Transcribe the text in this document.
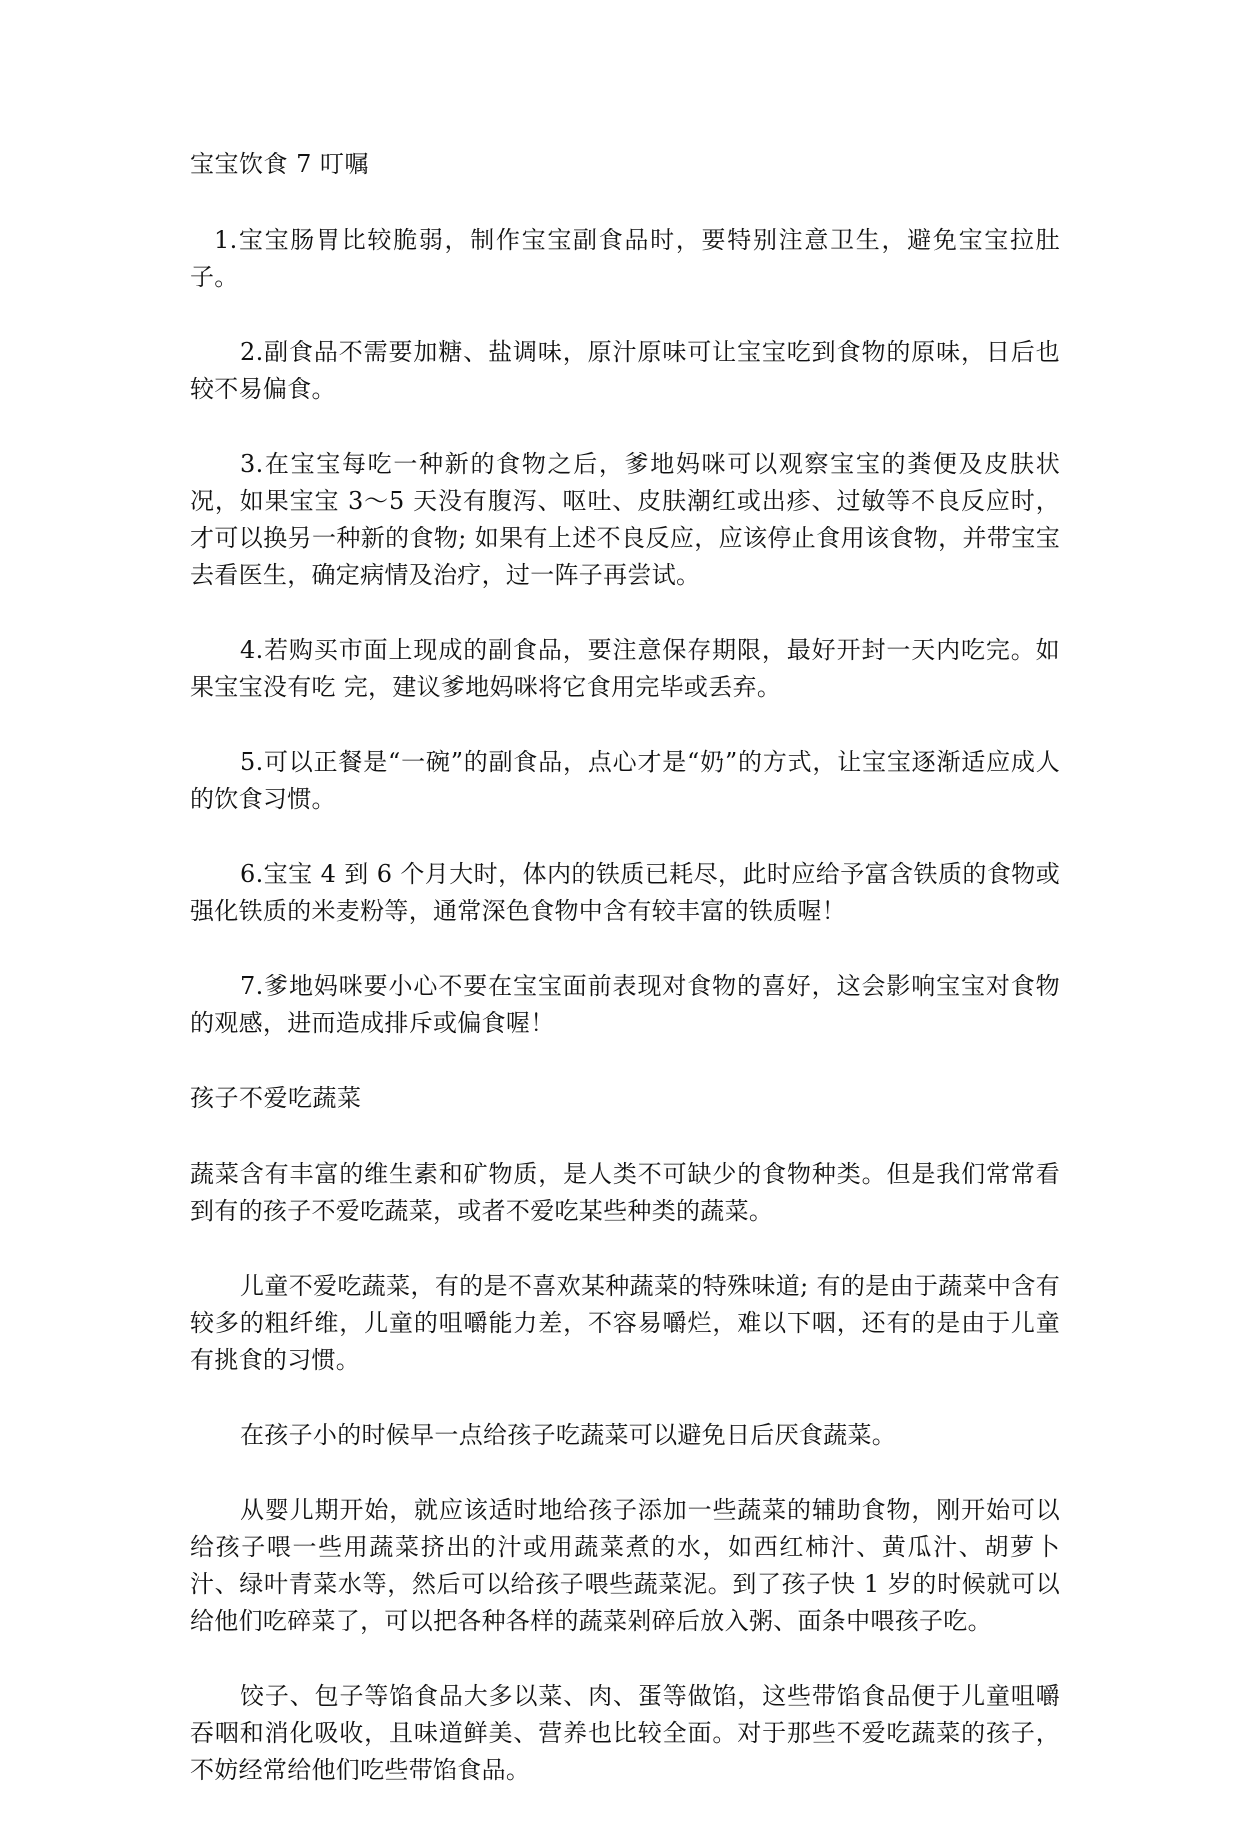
宝宝饮食 7 叮嘱

1.宝宝肠胃比较脆弱，制作宝宝副食品时，要特别注意卫生，避免宝宝拉肚子。

2.副食品不需要加糖、盐调味，原汁原味可让宝宝吃到食物的原味，日后也较不易偏食。

3.在宝宝每吃一种新的食物之后，爹地妈咪可以观察宝宝的粪便及皮肤状况，如果宝宝 3～5 天没有腹泻、呕吐、皮肤潮红或出疹、过敏等不良反应时， 才可以换另一种新的食物; 如果有上述不良反应，应该停止食用该食物，并带宝宝去看医生，确定病情及治疗，过一阵子再尝试。

4.若购买市面上现成的副食品，要注意保存期限，最好开封一天内吃完。如果宝宝没有吃 完，建议爹地妈咪将它食用完毕或丢弃。

5.可以正餐是“一碗”的副食品，点心才是“奶”的方式，让宝宝逐渐适应成人的饮食习惯。

6.宝宝 4 到 6 个月大时，体内的铁质已耗尽，此时应给予富含铁质的食物或强化铁质的米麦粉等，通常深色食物中含有较丰富的铁质喔！

7.爹地妈咪要小心不要在宝宝面前表现对食物的喜好，这会影响宝宝对食物的观感，进而造成排斥或偏食喔！

孩子不爱吃蔬菜

蔬菜含有丰富的维生素和矿物质，是人类不可缺少的食物种类。但是我们常常看到有的孩子不爱吃蔬菜，或者不爱吃某些种类的蔬菜。

儿童不爱吃蔬菜，有的是不喜欢某种蔬菜的特殊味道; 有的是由于蔬菜中含有较多的粗纤维，儿童的咀嚼能力差，不容易嚼烂，难以下咽，还有的是由于儿童有挑食的习惯。

在孩子小的时候早一点给孩子吃蔬菜可以避免日后厌食蔬菜。

从婴儿期开始，就应该适时地给孩子添加一些蔬菜的辅助食物，刚开始可以给孩子喂一些用蔬菜挤出的汁或用蔬菜煮的水，如西红柿汁、黄瓜汁、胡萝卜汁、绿叶青菜水等，然后可以给孩子喂些蔬菜泥。到了孩子快 1 岁的时候就可以给他们吃碎菜了，可以把各种各样的蔬菜剁碎后放入粥、面条中喂孩子吃。

饺子、包子等馅食品大多以菜、肉、蛋等做馅，这些带馅食品便于儿童咀嚼吞咽和消化吸收，且味道鲜美、营养也比较全面。对于那些不爱吃蔬菜的孩子，不妨经常给他们吃些带馅食品。
